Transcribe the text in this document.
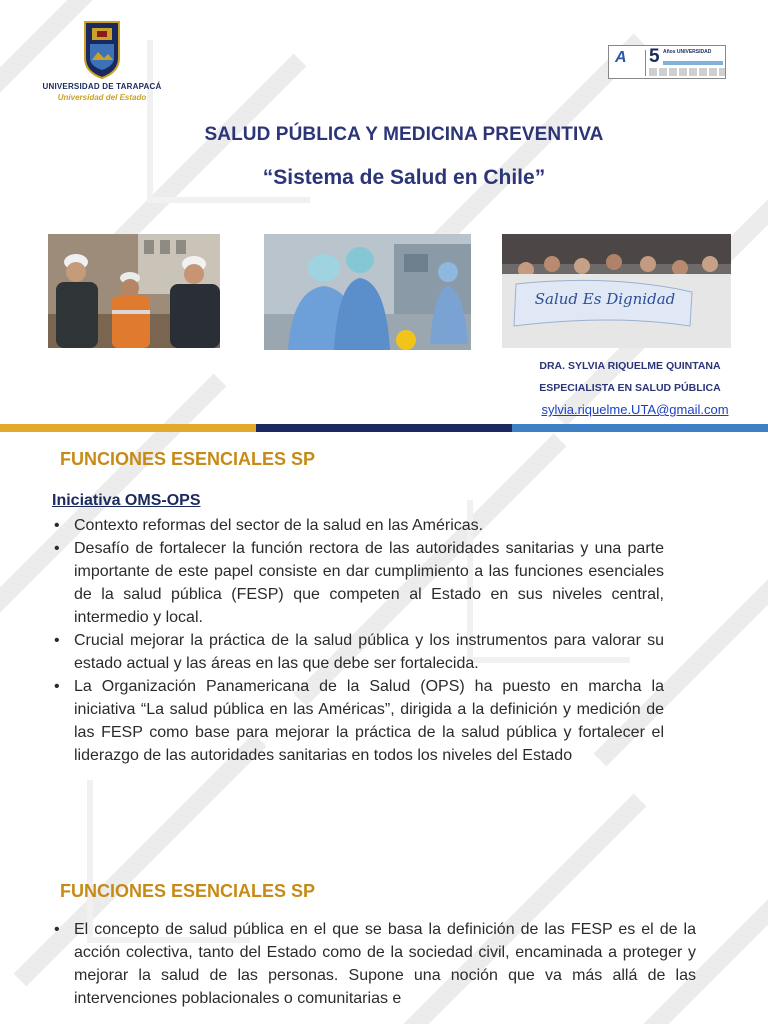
UNIVERSIDAD DE TARAPACÁ
Universidad del Estado
A 5 Años UNIVERSIDAD
SALUD PÚBLICA Y MEDICINA PREVENTIVA
“Sistema de Salud en Chile”
Salud Es Dignidad
DRA. SYLVIA RIQUELME QUINTANA
ESPECIALISTA EN SALUD PÚBLICA
sylvia.riquelme.UTA@gmail.com
FUNCIONES ESENCIALES SP
Iniciativa OMS-OPS
• Contexto reformas del sector de la salud en las Américas.
• Desafío de fortalecer la función rectora de las autoridades sanitarias y una parte importante de este papel consiste en dar cumplimiento a las funciones esenciales de la salud pública (FESP) que competen al Estado en sus niveles central, intermedio y local.
• Crucial mejorar la práctica de la salud pública y los instrumentos para valorar su estado actual y las áreas en las que debe ser fortalecida.
• La Organización Panamericana de la Salud (OPS) ha puesto en marcha la iniciativa “La salud pública en las Américas”, dirigida a la definición y medición de las FESP como base para mejorar la práctica de la salud pública y fortalecer el liderazgo de las autoridades sanitarias en todos los niveles del Estado
FUNCIONES ESENCIALES SP
• El concepto de salud pública en el que se basa la definición de las FESP es el de la acción colectiva, tanto del Estado como de la sociedad civil, encaminada a proteger y mejorar la salud de las personas. Supone una noción que va más allá de las intervenciones poblacionales o comunitarias e
